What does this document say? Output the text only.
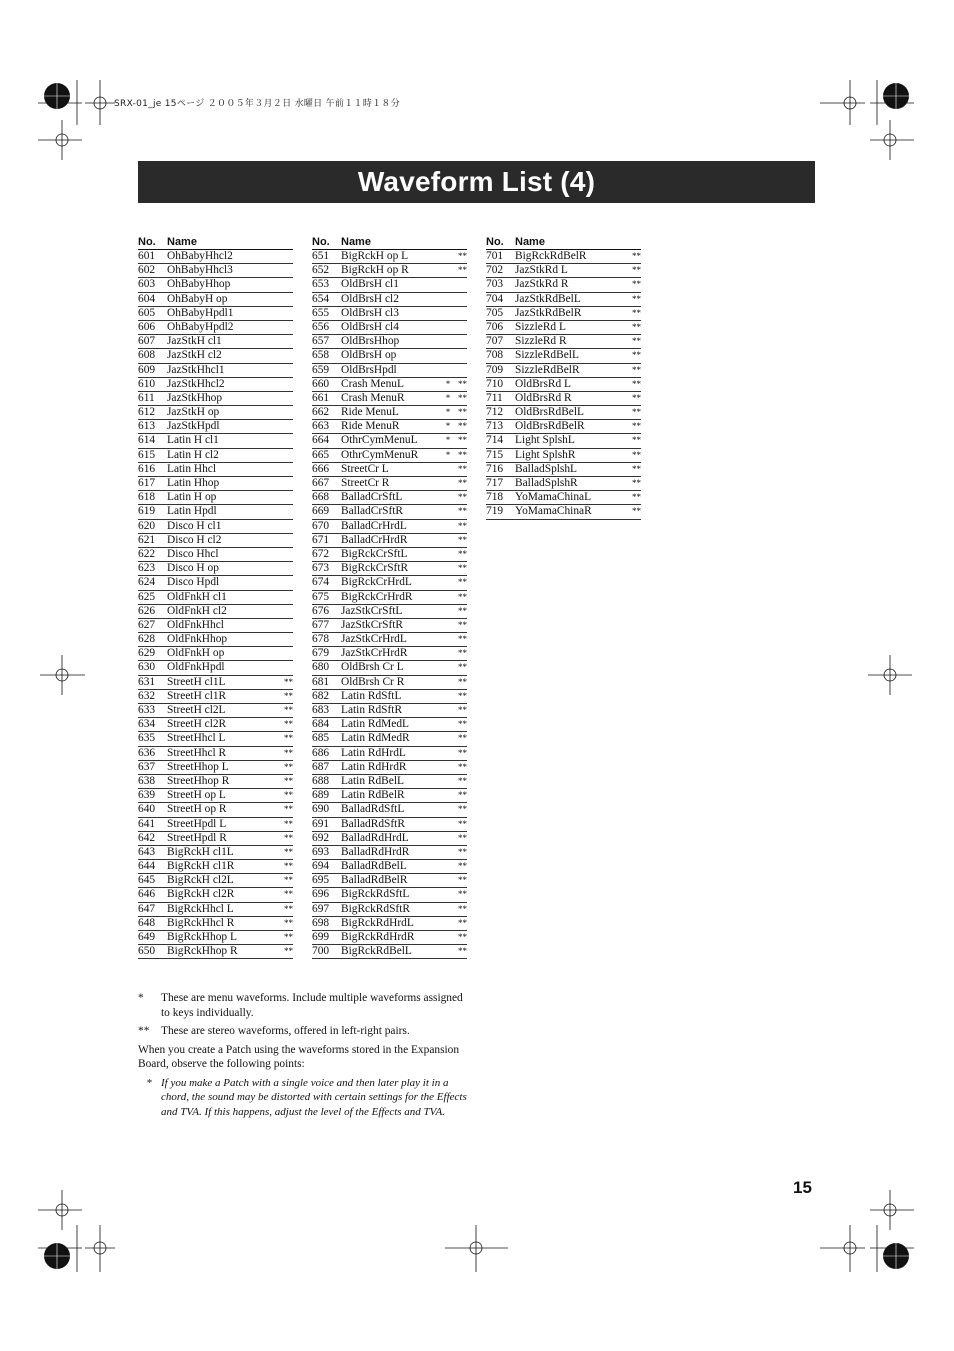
SRX-01_je 15ページ ２００５年３月２日 水曜日 午前１１時１８分
Waveform List (4)
No.	Name
601	OhBabyHhcl2
602	OhBabyHhcl3
603	OhBabyHhop
604	OhBabyH op
605	OhBabyHpdl1
606	OhBabyHpdl2
607	JazStkH cl1
608	JazStkH cl2
609	JazStkHhcl1
610	JazStkHhcl2
611	JazStkHhop
612	JazStkH op
613	JazStkHpdl
614	Latin H cl1
615	Latin H cl2
616	Latin Hhcl
617	Latin Hhop
618	Latin H op
619	Latin Hpdl
620	Disco H cl1
621	Disco H cl2
622	Disco Hhcl
623	Disco H op
624	Disco Hpdl
625	OldFnkH cl1
626	OldFnkH cl2
627	OldFnkHhcl
628	OldFnkHhop
629	OldFnkH op
630	OldFnkHpdl
631	StreetH cl1L	**
632	StreetH cl1R	**
633	StreetH cl2L	**
634	StreetH cl2R	**
635	StreetHhcl L	**
636	StreetHhcl R	**
637	StreetHhop L	**
638	StreetHhop R	**
639	StreetH op L	**
640	StreetH op R	**
641	StreetHpdl L	**
642	StreetHpdl R	**
643	BigRckH cl1L	**
644	BigRckH cl1R	**
645	BigRckH cl2L	**
646	BigRckH cl2R	**
647	BigRckHhcl L	**
648	BigRckHhcl R	**
649	BigRckHhop L	**
650	BigRckHhop R	**
No.	Name
651	BigRckH op L	**
652	BigRckH op R	**
653	OldBrsH cl1
654	OldBrsH cl2
655	OldBrsH cl3
656	OldBrsH cl4
657	OldBrsHhop
658	OldBrsH op
659	OldBrsHpdl
660	Crash MenuL	* **
661	Crash MenuR	* **
662	Ride MenuL	* **
663	Ride MenuR	* **
664	OthrCymMenuL	* **
665	OthrCymMenuR	* **
666	StreetCr L	**
667	StreetCr R	**
668	BalladCrSftL	**
669	BalladCrSftR	**
670	BalladCrHrdL	**
671	BalladCrHrdR	**
672	BigRckCrSftL	**
673	BigRckCrSftR	**
674	BigRckCrHrdL	**
675	BigRckCrHrdR	**
676	JazStkCrSftL	**
677	JazStkCrSftR	**
678	JazStkCrHrdL	**
679	JazStkCrHrdR	**
680	OldBrsh Cr L	**
681	OldBrsh Cr R	**
682	Latin RdSftL	**
683	Latin RdSftR	**
684	Latin RdMedL	**
685	Latin RdMedR	**
686	Latin RdHrdL	**
687	Latin RdHrdR	**
688	Latin RdBelL	**
689	Latin RdBelR	**
690	BalladRdSftL	**
691	BalladRdSftR	**
692	BalladRdHrdL	**
693	BalladRdHrdR	**
694	BalladRdBelL	**
695	BalladRdBelR	**
696	BigRckRdSftL	**
697	BigRckRdSftR	**
698	BigRckRdHrdL	**
699	BigRckRdHrdR	**
700	BigRckRdBelL	**
No.	Name
701	BigRckRdBelR	**
702	JazStkRd L	**
703	JazStkRd R	**
704	JazStkRdBelL	**
705	JazStkRdBelR	**
706	SizzleRd L	**
707	SizzleRd R	**
708	SizzleRdBelL	**
709	SizzleRdBelR	**
710	OldBrsRd L	**
711	OldBrsRd R	**
712	OldBrsRdBelL	**
713	OldBrsRdBelR	**
714	Light SplshL	**
715	Light SplshR	**
716	BalladSplshL	**
717	BalladSplshR	**
718	YoMamaChinaL	**
719	YoMamaChinaR	**
*	These are menu waveforms. Include multiple waveforms assigned to keys individually.
**	These are stereo waveforms, offered in left-right pairs.

When you create a Patch using the waveforms stored in the Expansion Board, observe the following points:

* If you make a Patch with a single voice and then later play it in a chord, the sound may be distorted with certain settings for the Effects and TVA. If this happens, adjust the level of the Effects and TVA.
15
